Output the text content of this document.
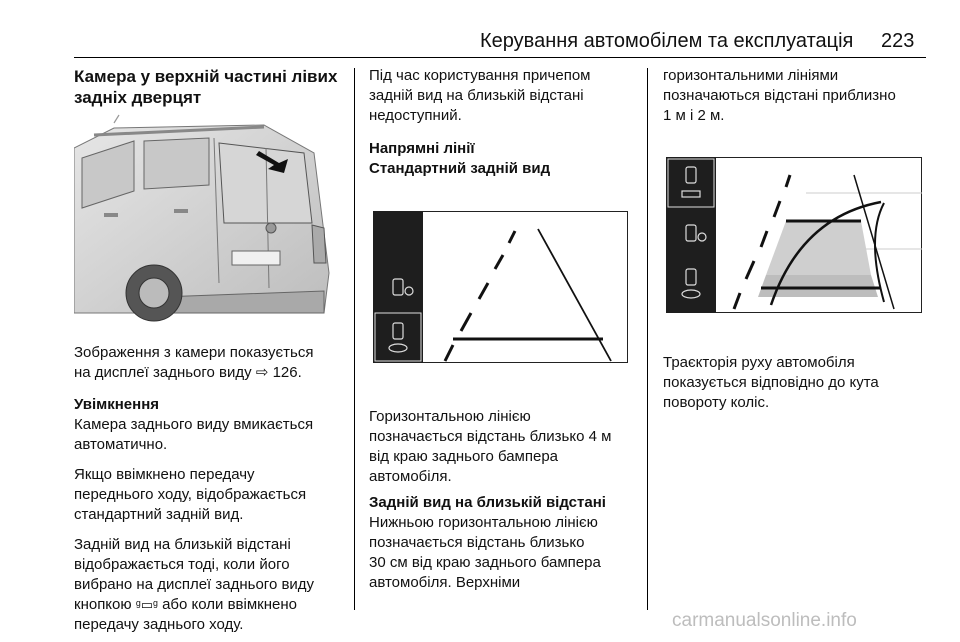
Керування автомобілем та експлуатація 223
Камера у верхній частині лівих
задніх дверцят

Зображення з камери показується
на дисплеї заднього виду ⇨ 126.

Увімкнення

Камера заднього виду вмикається
автоматично.

Якщо ввімкнено передачу
переднього ходу, відображається
стандартний задній вид.

Задній вид на близькій відстані
відображається тоді, коли його
вибрано на дисплеї заднього виду
кнопкою ᵍ▭ᵍ або коли ввімкнено
передачу заднього ходу.

Під час користування причепом
задній вид на близькій відстані
недоступний.

Напрямні лінії

Стандартний задній вид

Горизонтальною лінією
позначається відстань близько 4 м
від краю заднього бампера
автомобіля.

Задній вид на близькій відстані

Нижньою горизонтальною лінією
позначається відстань близько
30 см від краю заднього бампера
автомобіля. Верхніми

горизонтальними лініями
позначаються відстані приблизно
1 м і 2 м.

Траєкторія руху автомобіля
показується відповідно до кута
повороту коліс.

carmanualsonline.info
